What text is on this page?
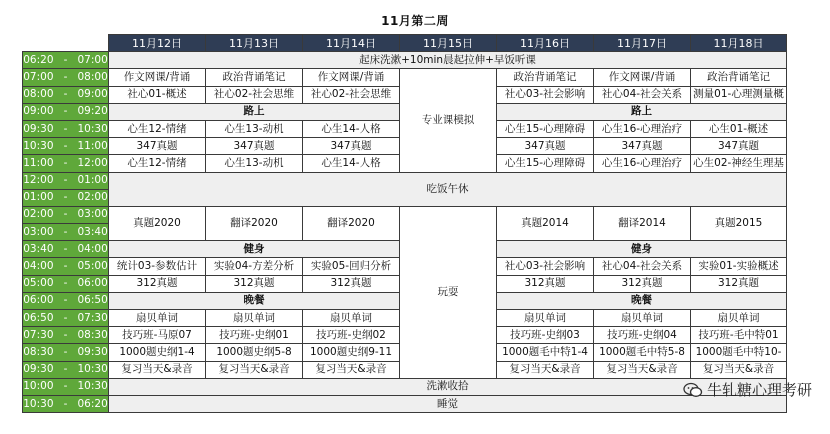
11月第二周
	11月12日	11月13日	11月14日	11月15日	11月16日	11月17日	11月18日
06:20 - 07:00	起床洗漱+10min晨起拉伸+早饭听课						
07:00 - 08:00	作文网课/背诵	政治背诵笔记	作文网课/背诵	专业课模拟	政治背诵笔记	作文网课/背诵	政治背诵笔记
08:00 - 09:00	社心01-概述	社心02-社会思维	社心02-社会思维		社心03-社会影响	社心04-社会关系	测量01-心理测量概
09:00 - 09:20	路上				路上		
09:30 - 10:30	心生12-情绪	心生13-动机	心生14-人格		心生15-心理障碍	心生16-心理治疗	心生01-概述
10:30 - 11:00	347真题	347真题	347真题		347真题	347真题	347真题
11:00 - 12:00	心生12-情绪	心生13-动机	心生14-人格		心生15-心理障碍	心生16-心理治疗	心生02-神经生理基
12:00 - 01:00	吃饭午休						
01:00 - 02:00							
02:00 - 03:00	真题2020	翻译2020	翻译2020	玩耍	真题2014	翻译2014	真题2015
03:00 - 03:40							
03:40 - 04:00	健身				健身		
04:00 - 05:00	统计03-参数估计	实验04-方差分析	实验05-回归分析		社心03-社会影响	社心04-社会关系	实验01-实验概述
05:00 - 06:00	312真题	312真题	312真题		312真题	312真题	312真题
06:00 - 06:50	晚餐				晚餐		
06:50 - 07:30	扇贝单词	扇贝单词	扇贝单词		扇贝单词	扇贝单词	扇贝单词
07:30 - 08:30	技巧班-马原07	技巧班-史纲01	技巧班-史纲02		技巧班-史纲03	技巧班-史纲04	技巧班-毛中特01
08:30 - 09:30	1000题史纲1-4	1000题史纲5-8	1000题史纲9-11		1000题毛中特1-4	1000题毛中特5-8	1000题毛中特10-
09:30 - 10:30	复习当天&录音	复习当天&录音	复习当天&录音		复习当天&录音	复习当天&录音	复习当天&录音
10:00 - 10:30	洗漱收拾						
10:30 - 06:20	睡觉						
牛轧糖心理考研
